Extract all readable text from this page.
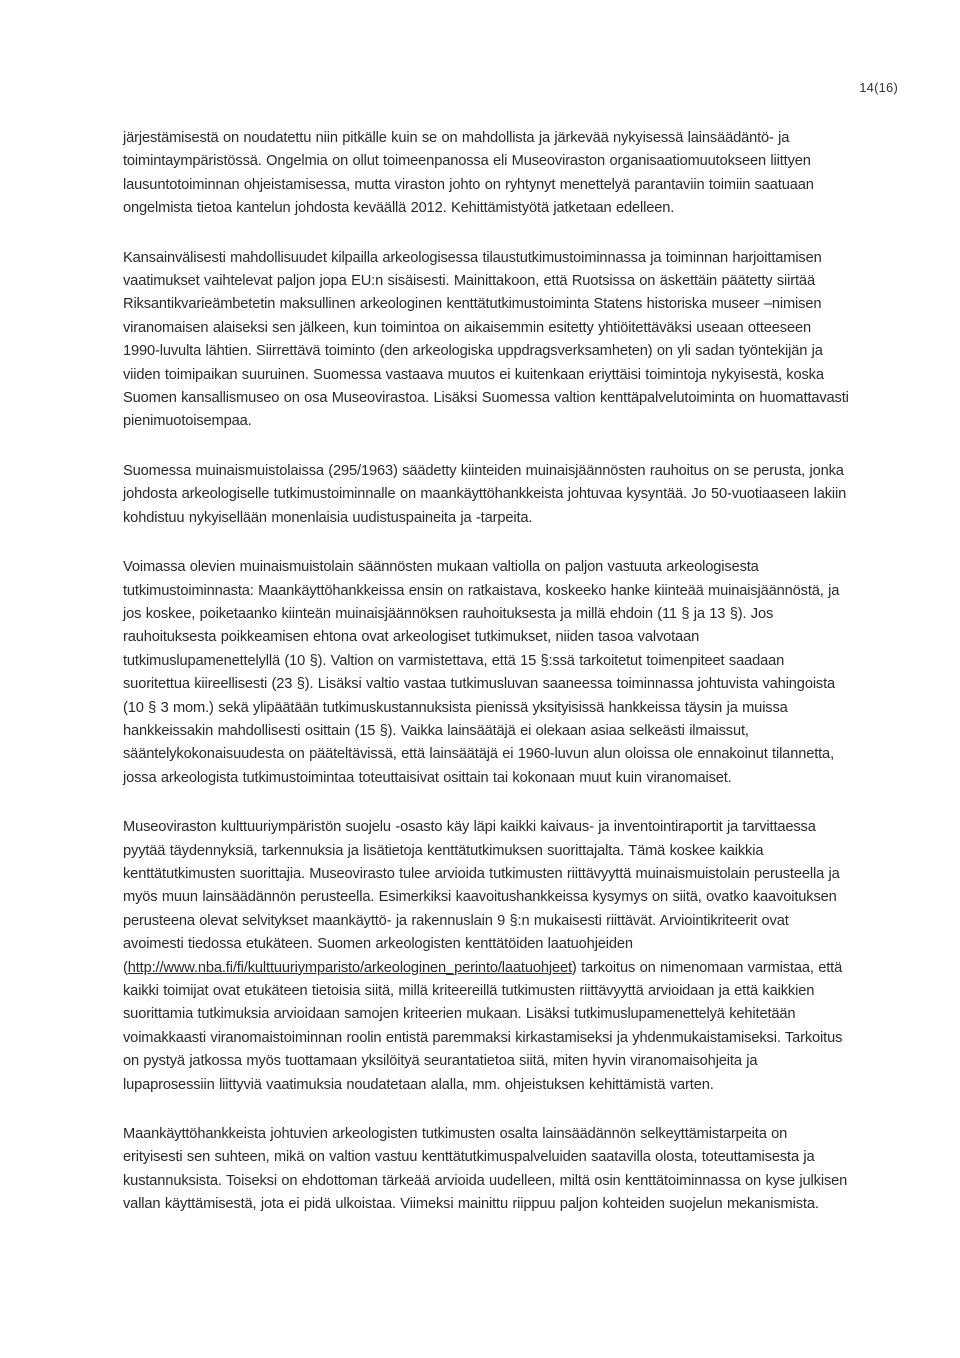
14(16)

järjestämisestä on noudatettu niin pitkälle kuin se on mahdollista ja järkevää nykyisessä lainsäädäntö- ja
toimintaympäristössä. Ongelmia on ollut toimeenpanossa eli Museoviraston organisaatiomuutokseen liittyen
lausuntotoiminnan ohjeistamisessa, mutta viraston johto on ryhtynyt menettelyä parantaviin toimiin saatuaan
ongelmista tietoa kantelun johdosta keväällä 2012. Kehittämistyötä jatketaan edelleen.

Kansainvälisesti mahdollisuudet kilpailla arkeologisessa tilaustutkimustoiminnassa ja toiminnan harjoittamisen
vaatimukset vaihtelevat paljon jopa EU:n sisäisesti. Mainittakoon, että Ruotsissa on äskettäin päätetty siirtää
Riksantikvarieämbetetin maksullinen arkeologinen kenttätutkimustoiminta Statens historiska museer –nimisen
viranomaisen alaiseksi sen jälkeen, kun toimintoa on aikaisemmin esitetty yhtiöitettäväksi useaan otteeseen
1990-luvulta lähtien. Siirrettävä toiminto (den arkeologiska uppdragsverksamheten) on yli sadan työntekijän ja
viiden toimipaikan suuruinen. Suomessa vastaava muutos ei kuitenkaan eriyttäisi toimintoja nykyisestä, koska
Suomen kansallismuseo on osa Museovirastoa. Lisäksi Suomessa valtion kenttäpalvelutoiminta on huomattavasti
pienimuotoisempaa.

Suomessa muinaismuistolaissa (295/1963) säädetty kiinteiden muinaisjäännösten rauhoitus on se perusta, jonka
johdosta arkeologiselle tutkimustoiminnalle on maankäyttöhankkeista johtuvaa kysyntää. Jo 50-vuotiaaseen lakiin
kohdistuu nykyisellään monenlaisia uudistuspaineita ja -tarpeita.

Voimassa olevien muinaismuistolain säännösten mukaan valtiolla on paljon vastuuta arkeologisesta
tutkimustoiminnasta: Maankäyttöhankkeissa ensin on ratkaistava, koskeeko hanke kiinteää muinaisjäännöstä, ja
jos koskee, poiketaanko kiinteän muinaisjäännöksen rauhoituksesta ja millä ehdoin (11 § ja 13 §). Jos
rauhoituksesta poikkeamisen ehtona ovat arkeologiset tutkimukset, niiden tasoa valvotaan
tutkimuslupamenettelyllä (10 §). Valtion on varmistettava, että 15 §:ssä tarkoitetut toimenpiteet saadaan
suoritettua kiireellisesti (23 §). Lisäksi valtio vastaa tutkimusluvan saaneessa toiminnassa johtuvista vahingoista
(10 § 3 mom.) sekä ylipäätään tutkimuskustannuksista pienissä yksityisissä hankkeissa täysin ja muissa
hankkeissakin mahdollisesti osittain (15 §). Vaikka lainsäätäjä ei olekaan asiaa selkeästi ilmaissut,
sääntelykokonaisuudesta on pääteltävissä, että lainsäätäjä ei 1960-luvun alun oloissa ole ennakoinut tilannetta,
jossa arkeologista tutkimustoimintaa toteuttaisivat osittain tai kokonaan muut kuin viranomaiset.

Museoviraston kulttuuriympäristön suojelu -osasto käy läpi kaikki kaivaus- ja inventointiraportit ja tarvittaessa
pyytää täydennyksiä, tarkennuksia ja lisätietoja kenttätutkimuksen suorittajalta. Tämä koskee kaikkia
kenttätutkimusten suorittajia. Museovirasto tulee arvioida tutkimusten riittävyyttä muinaismuistolain perusteella ja
myös muun lainsäädännön perusteella. Esimerkiksi kaavoitushankkeissa kysymys on siitä, ovatko kaavoituksen
perusteena olevat selvitykset maankäyttö- ja rakennuslain 9 §:n mukaisesti riittävät. Arviointikriteerit ovat
avoimesti tiedossa etukäteen. Suomen arkeologisten kenttätöiden laatuohjeiden
(http://www.nba.fi/fi/kulttuuriymparisto/arkeologinen_perinto/laatuohjeet) tarkoitus on nimenomaan varmistaa, että
kaikki toimijat ovat etukäteen tietoisia siitä, millä kriteereillä tutkimusten riittävyyttä arvioidaan ja että kaikkien
suorittamia tutkimuksia arvioidaan samojen kriteerien mukaan. Lisäksi tutkimuslupamenettelyä kehitetään
voimakkaasti viranomaistoiminnan roolin entistä paremmaksi kirkastamiseksi ja yhdenmukaistamiseksi. Tarkoitus
on pystyä jatkossa myös tuottamaan yksilöityä seurantatietoa siitä, miten hyvin viranomaisohjeita ja
lupaprosessiin liittyviä vaatimuksia noudatetaan alalla, mm. ohjeistuksen kehittämistä varten.

Maankäyttöhankkeista johtuvien arkeologisten tutkimusten osalta lainsäädännön selkeyttämistarpeita on
erityisesti sen suhteen, mikä on valtion vastuu kenttätutkimuspalveluiden saatavilla olosta, toteuttamisesta ja
kustannuksista. Toiseksi on ehdottoman tärkeää arvioida uudelleen, miltä osin kenttätoiminnassa on kyse julkisen
vallan käyttämisestä, jota ei pidä ulkoistaa. Viimeksi mainittu riippuu paljon kohteiden suojelun mekanismista.
